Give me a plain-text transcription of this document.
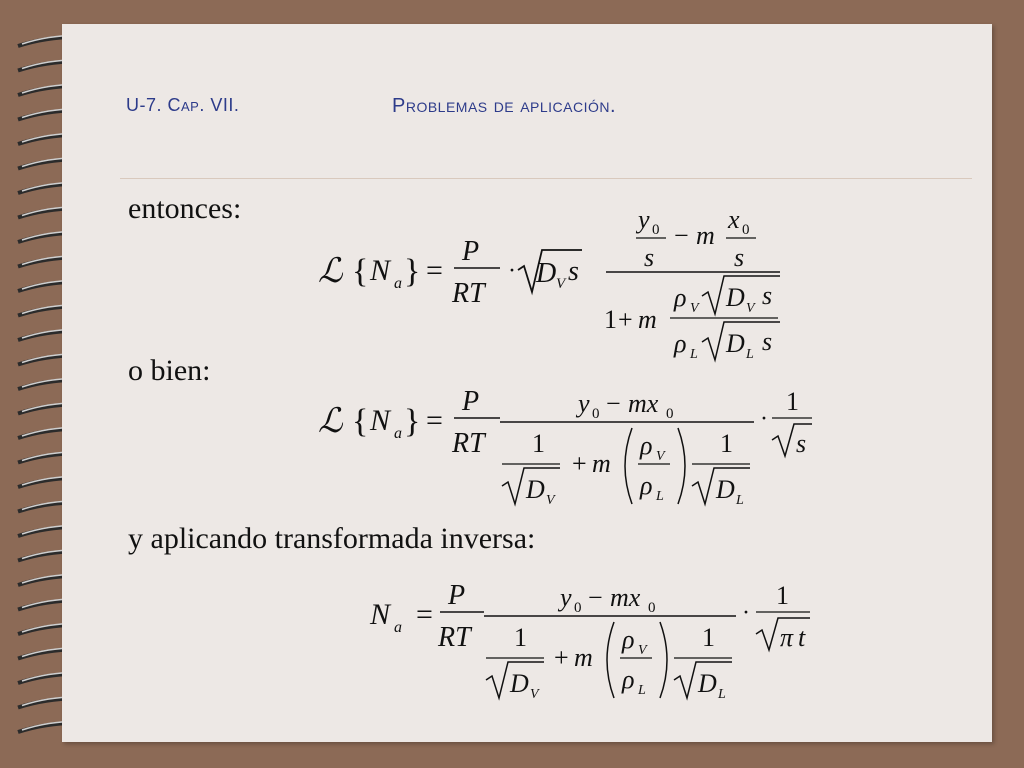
U-7. Cap. VII.	Problemas de aplicación.
entonces:
o bien:
y aplicando transformada inversa:
ℒ { N a } =
P
RT
· D V s
y 0
s
− m
x 0
s
1 + m
ρ V D V s
ρ L D L s
ℒ { N a } =
P
RT
y 0 − mx 0
1
D V
+ m
ρ V
ρ L
1
D L
·
1
s
N a =
P
RT
y 0 − mx 0
1
D V
+ m
ρ V
ρ L
1
D L
·
1
π t
